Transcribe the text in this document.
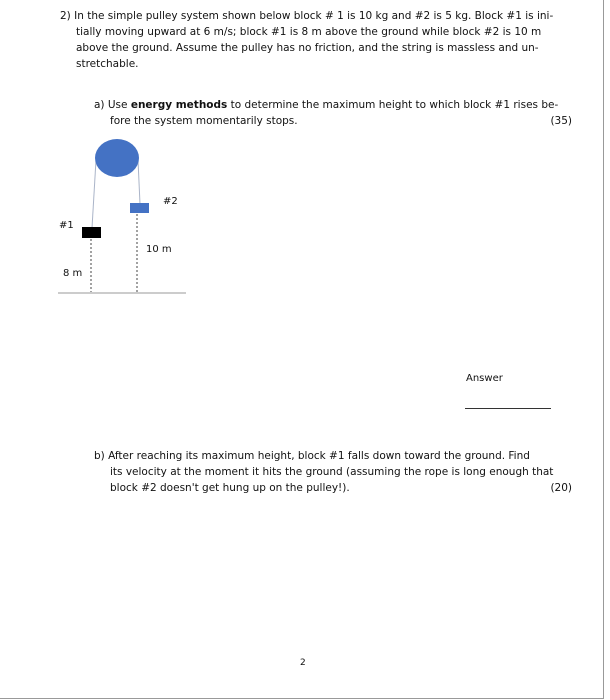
2) In the simple pulley system shown below block # 1 is 10 kg and #2 is 5 kg. Block #1 is ini-
tially moving upward at 6 m/s; block #1 is 8 m above the ground while block #2 is 10 m
above the ground. Assume the pulley has no friction, and the string is massless and un-
stretchable.
a) Use energy methods to determine the maximum height to which block #1 rises be-
fore the system momentarily stops.	(35)
#2
#1
10 m
8 m
Answer
b) After reaching its maximum height, block #1 falls down toward the ground. Find
its velocity at the moment it hits the ground (assuming the rope is long enough that
block #2 doesn't get hung up on the pulley!).	(20)
2
